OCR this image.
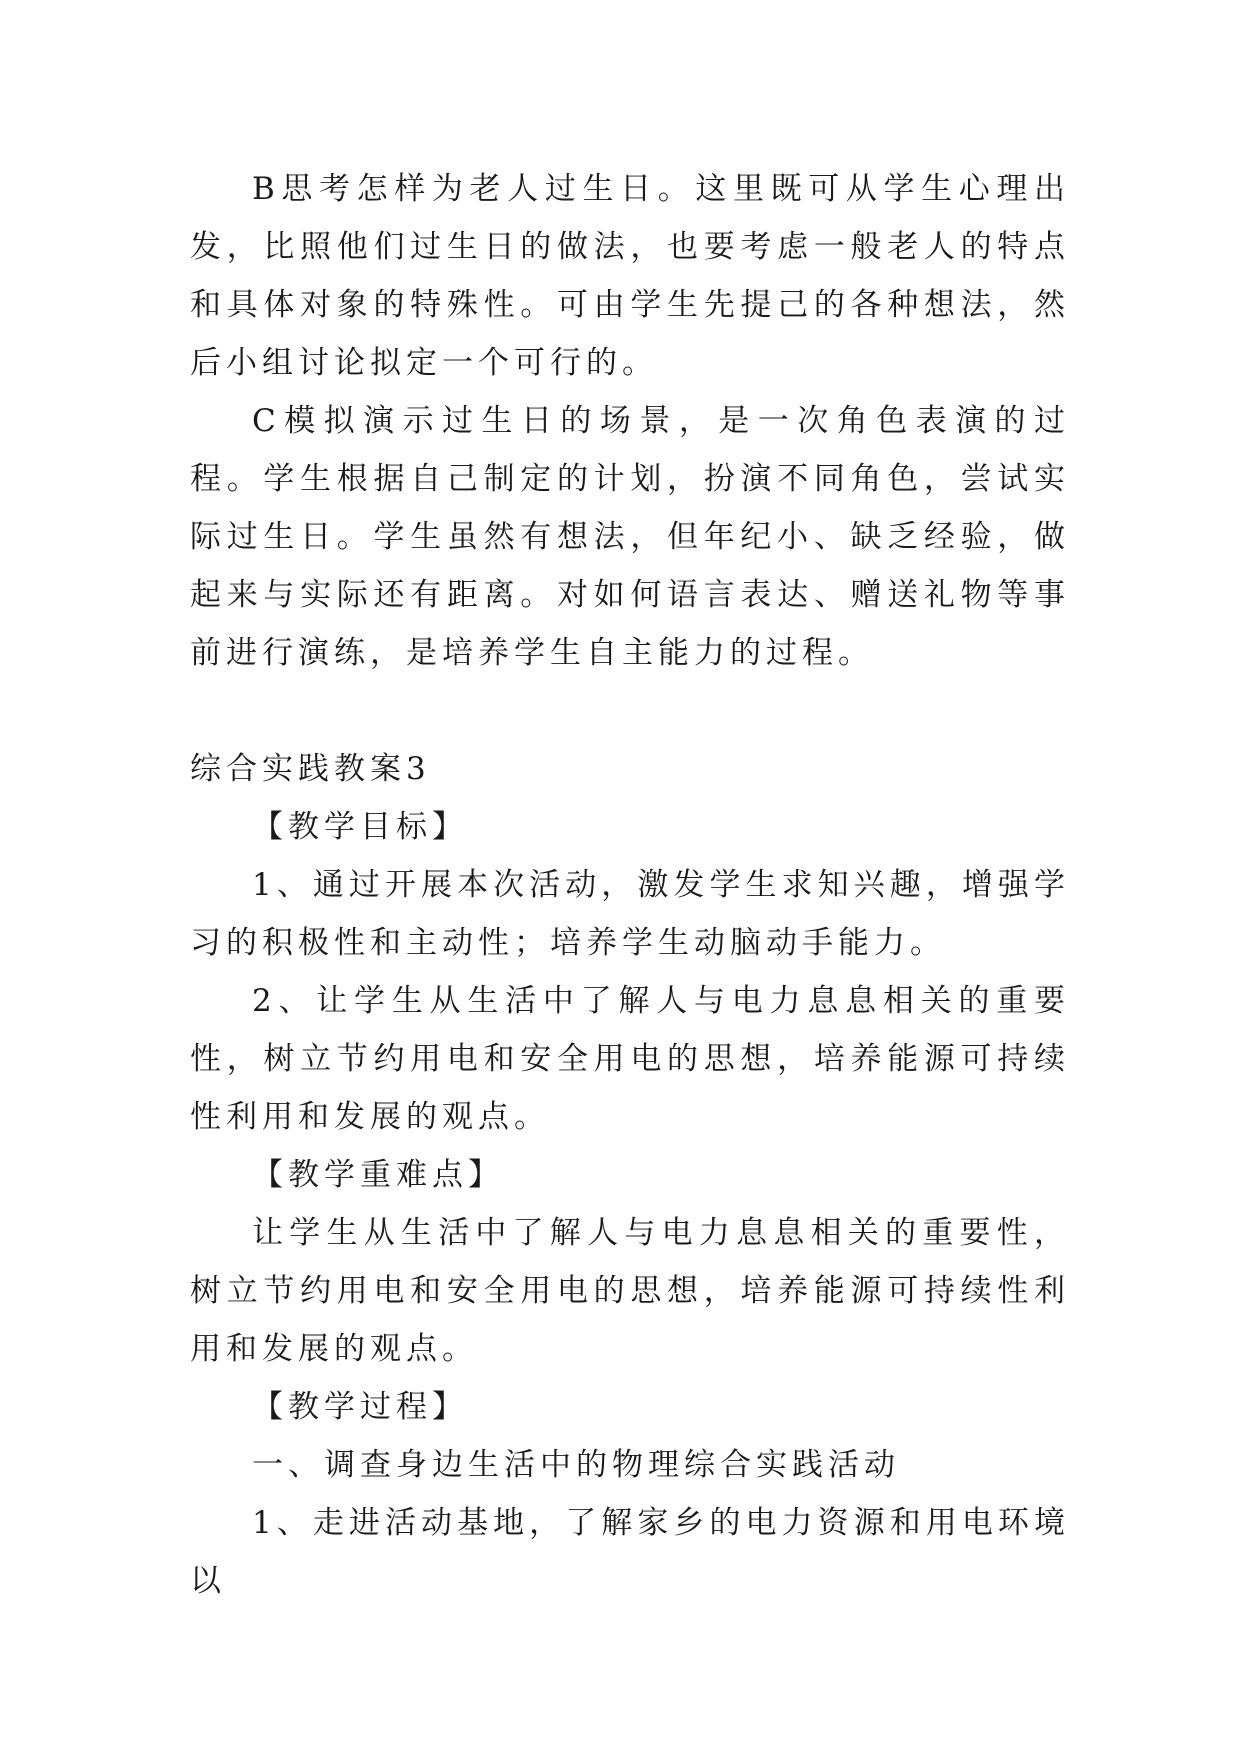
B思考怎样为老人过生日。这里既可从学生心理出发，比照他们过生日的做法，也要考虑一般老人的特点和具体对象的特殊性。可由学生先提己的各种想法，然后小组讨论拟定一个可行的。

C模拟演示过生日的场景，是一次角色表演的过程。学生根据自己制定的计划，扮演不同角色，尝试实际过生日。学生虽然有想法，但年纪小、缺乏经验，做起来与实际还有距离。对如何语言表达、赠送礼物等事前进行演练，是培养学生自主能力的过程。

综合实践教案3

【教学目标】

1、通过开展本次活动，激发学生求知兴趣，增强学习的积极性和主动性；培养学生动脑动手能力。

2、让学生从生活中了解人与电力息息相关的重要性，树立节约用电和安全用电的思想，培养能源可持续性利用和发展的观点。

【教学重难点】

让学生从生活中了解人与电力息息相关的重要性，树立节约用电和安全用电的思想，培养能源可持续性利用和发展的观点。

【教学过程】

一、调查身边生活中的物理综合实践活动

1、走进活动基地，了解家乡的电力资源和用电环境以
